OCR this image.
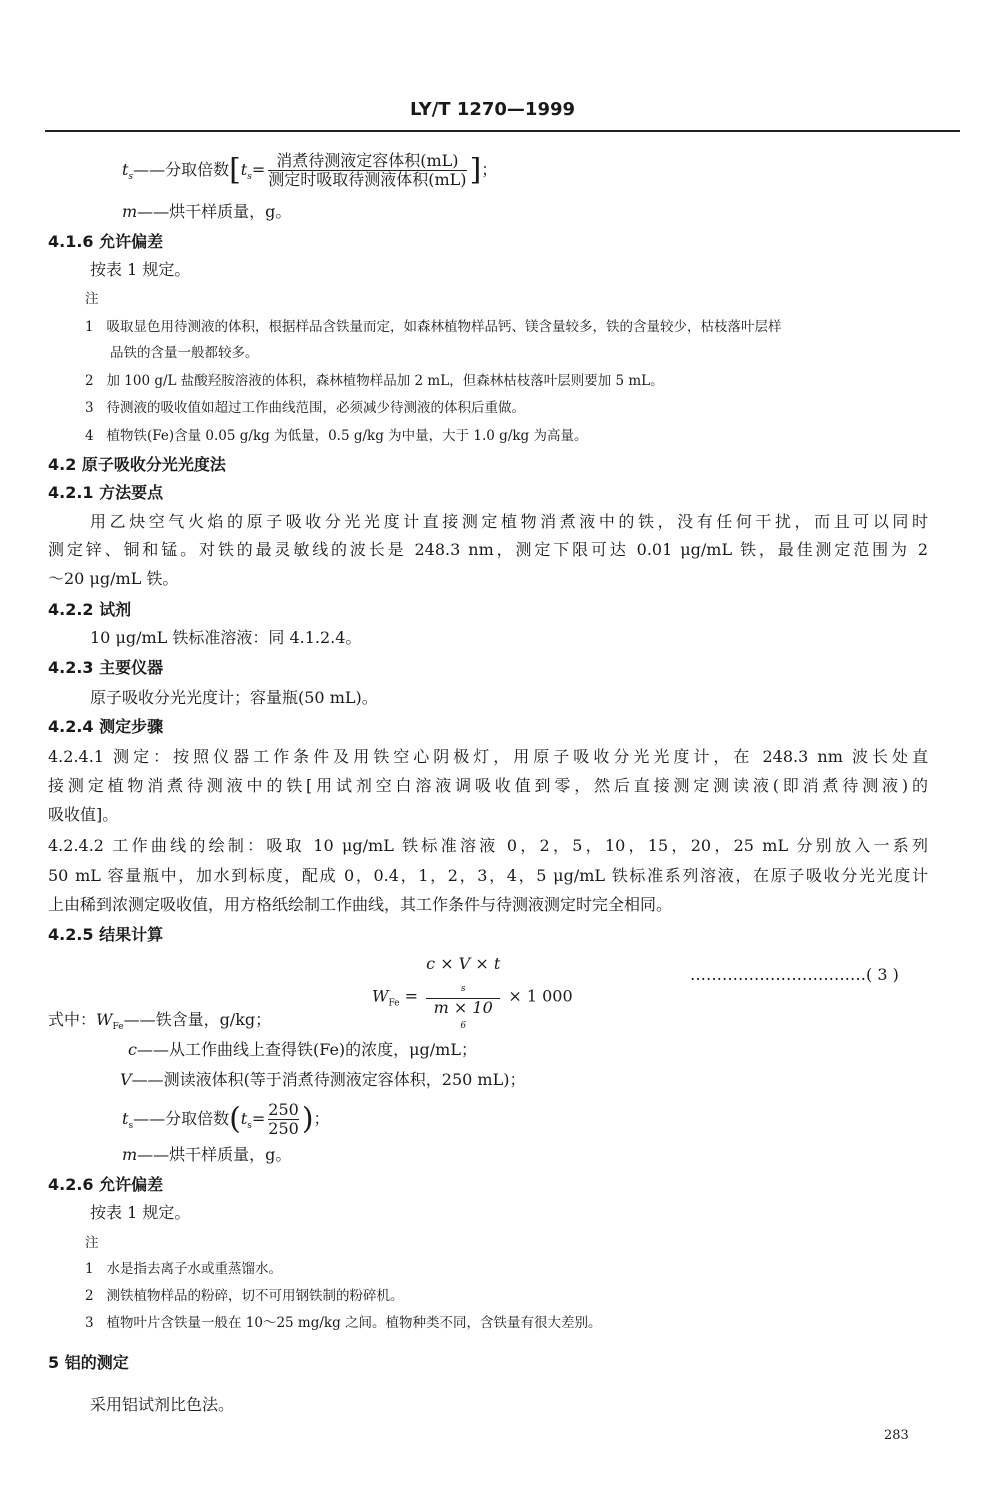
LY/T 1270—1999
$t_s——$分取倍数[$t_s= \frac{\text{消煮待测液定容体积(mL)}}{\text{测定时吸取待测液体积(mL)}}$ ]；
m——烘干样质量，g。
4.1.6 允许偏差
按表 1 规定。
注
1 吸取显色用待测液的体积，根据样品含铁量而定，如森林植物样品钙、镁含量较多，铁的含量较少，枯枝落叶层样
品铁的含量一般都较多。
2 加 100 g/L 盐酸羟胺溶液的体积，森林植物样品加 2 mL，但森林枯枝落叶层则要加 5 mL。
3 待测液的吸收值如超过工作曲线范围，必须减少待测液的体积后重做。
4 植物铁(Fe)含量 0.05 g/kg 为低量，0.5 g/kg 为中量，大于 1.0 g/kg 为高量。
4.2 原子吸收分光光度法
4.2.1 方法要点
用乙炔空气火焰的原子吸收分光光度计直接测定植物消煮液中的铁，没有任何干扰，而且可以同时
测定锌、铜和锰。对铁的最灵敏线的波长是 248.3 nm，测定下限可达 0.01 μg/mL 铁，最佳测定范围为 2
～20 μg/mL 铁。
4.2.2 试剂
10 μg/mL 铁标准溶液：同 4.1.2.4。
4.2.3 主要仪器
原子吸收分光光度计；容量瓶(50 mL)。
4.2.4 测定步骤
4.2.4.1 测定：按照仪器工作条件及用铁空心阴极灯，用原子吸收分光光度计，在 248.3 nm 波长处直
接测定植物消煮待测液中的铁[用试剂空白溶液调吸收值到零，然后直接测定测读液(即消煮待测液)的
吸收值]。
4.2.4.2 工作曲线的绘制：吸取 10 μg/mL 铁标准溶液 0，2，5，10，15，20，25 mL 分别放入一系列
50 mL 容量瓶中，加水到标度，配成 0，0.4，1，2，3，4，5 μg/mL 铁标准系列溶液，在原子吸收分光光度计
上由稀到浓测定吸收值，用方格纸绘制工作曲线，其工作条件与待测液测定时完全相同。
4.2.5 结果计算
$W_{Fe} = c \times V \times t$
$_s$
m × 10
$^6$ × 1 000
……………………………( 3 )
式中：$W_{Fe}——$铁含量，g/kg；
c——从工作曲线上查得铁(Fe)的浓度，μg/mL；
V——测读液体积(等于消煮待测液定容体积，250 mL)；
$t_s——$分取倍数($t_s= \frac{250}{250}$ )；
m——烘干样质量，g。
4.2.6 允许偏差
按表 1 规定。
注
1 水是指去离子水或重蒸馏水。
2 测铁植物样品的粉碎，切不可用钢铁制的粉碎机。
3 植物叶片含铁量一般在 10～25 mg/kg 之间。植物种类不同，含铁量有很大差别。
5 铝的测定
采用铝试剂比色法。
283
